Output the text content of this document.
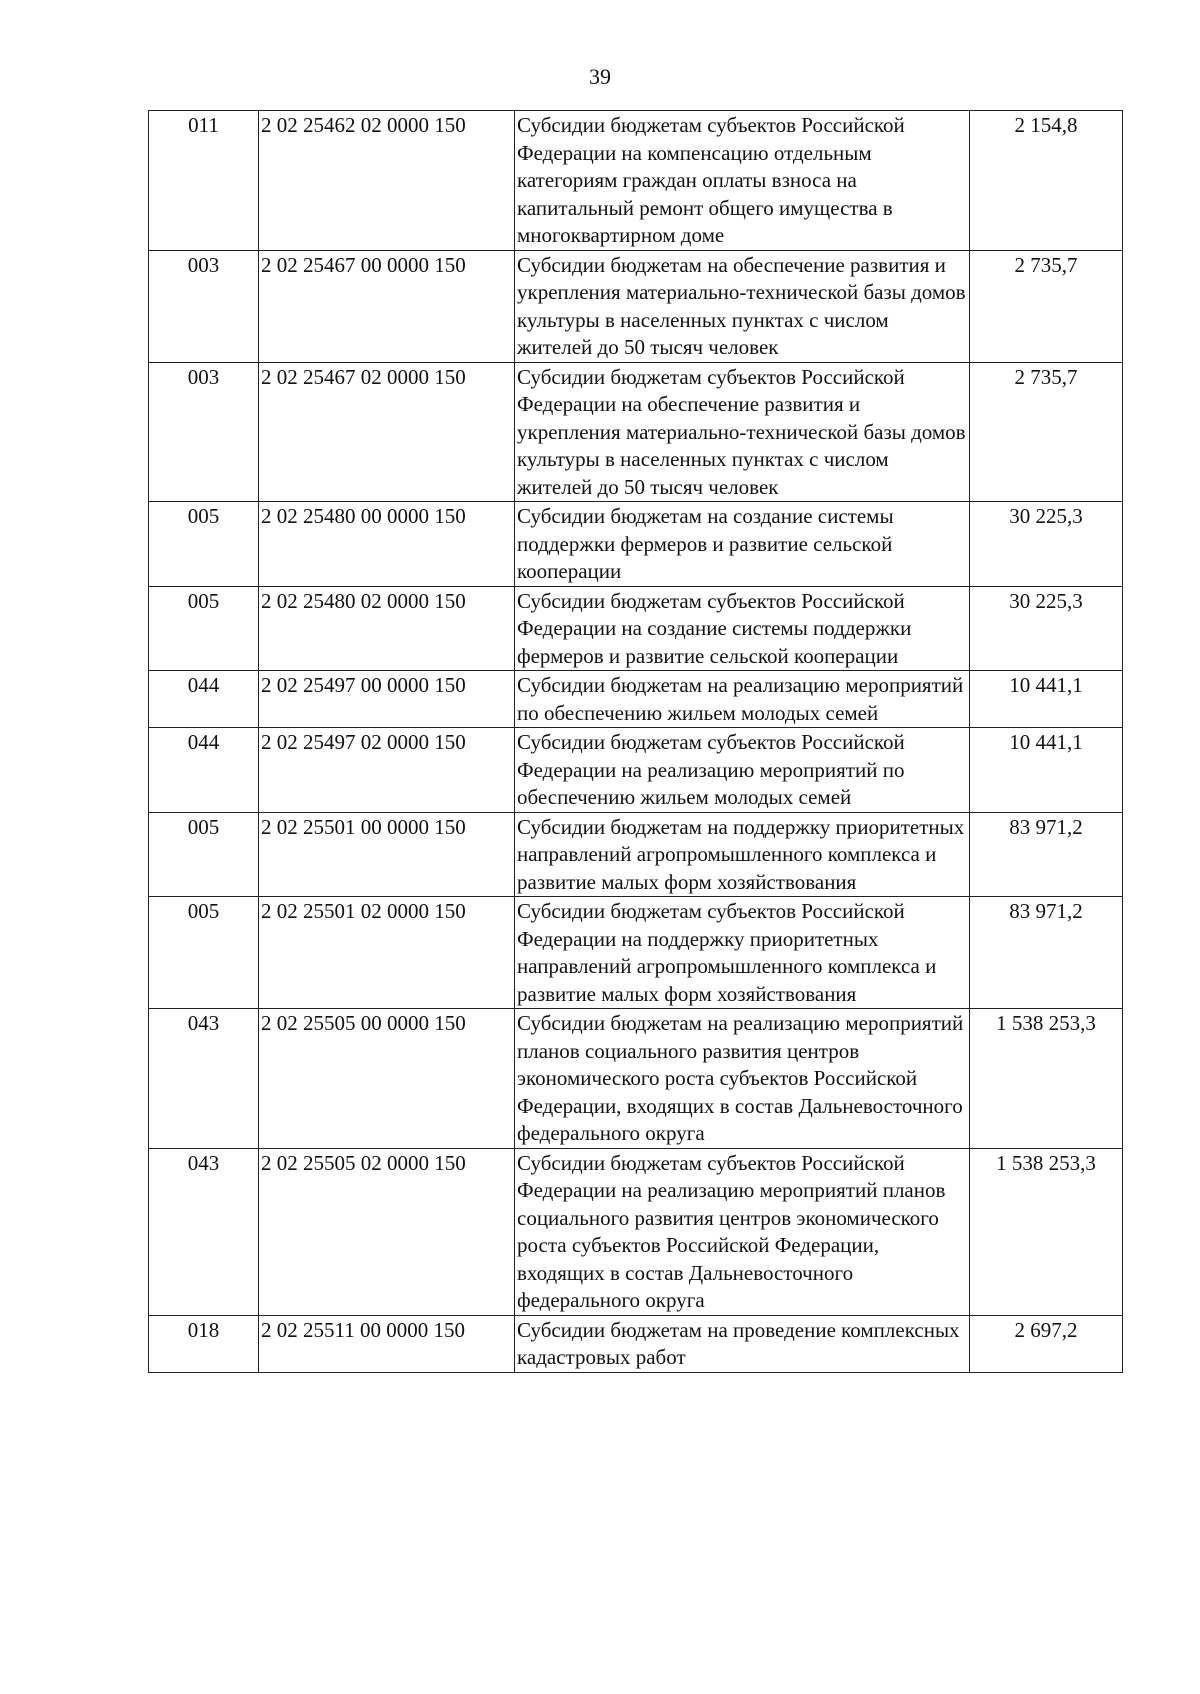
39
011	2 02 25462 02 0000 150	Субсидии бюджетам субъектов Российской Федерации на компенсацию отдельным категориям граждан оплаты взноса на капитальный ремонт общего имущества в многоквартирном доме	2 154,8
003	2 02 25467 00 0000 150	Субсидии бюджетам на обеспечение развития и укрепления материально-технической базы домов культуры в населенных пунктах с числом жителей до 50 тысяч человек	2 735,7
003	2 02 25467 02 0000 150	Субсидии бюджетам субъектов Российской Федерации на обеспечение развития и укрепления материально-технической базы домов культуры в населенных пунктах с числом жителей до 50 тысяч человек	2 735,7
005	2 02 25480 00 0000 150	Субсидии бюджетам на создание системы поддержки фермеров и развитие сельской кооперации	30 225,3
005	2 02 25480 02 0000 150	Субсидии бюджетам субъектов Российской Федерации на создание системы поддержки фермеров и развитие сельской кооперации	30 225,3
044	2 02 25497 00 0000 150	Субсидии бюджетам на реализацию мероприятий по обеспечению жильем молодых семей	10 441,1
044	2 02 25497 02 0000 150	Субсидии бюджетам субъектов Российской Федерации на реализацию мероприятий по обеспечению жильем молодых семей	10 441,1
005	2 02 25501 00 0000 150	Субсидии бюджетам на поддержку приоритетных направлений агропромышленного комплекса и развитие малых форм хозяйствования	83 971,2
005	2 02 25501 02 0000 150	Субсидии бюджетам субъектов Российской Федерации на поддержку приоритетных направлений агропромышленного комплекса и развитие малых форм хозяйствования	83 971,2
043	2 02 25505 00 0000 150	Субсидии бюджетам на реализацию мероприятий планов социального развития центров экономического роста субъектов Российской Федерации, входящих в состав Дальневосточного федерального округа	1 538 253,3
043	2 02 25505 02 0000 150	Субсидии бюджетам субъектов Российской Федерации на реализацию мероприятий планов социального развития центров экономического роста субъектов Российской Федерации, входящих в состав Дальневосточного федерального округа	1 538 253,3
018	2 02 25511 00 0000 150	Субсидии бюджетам на проведение комплексных кадастровых работ	2 697,2
